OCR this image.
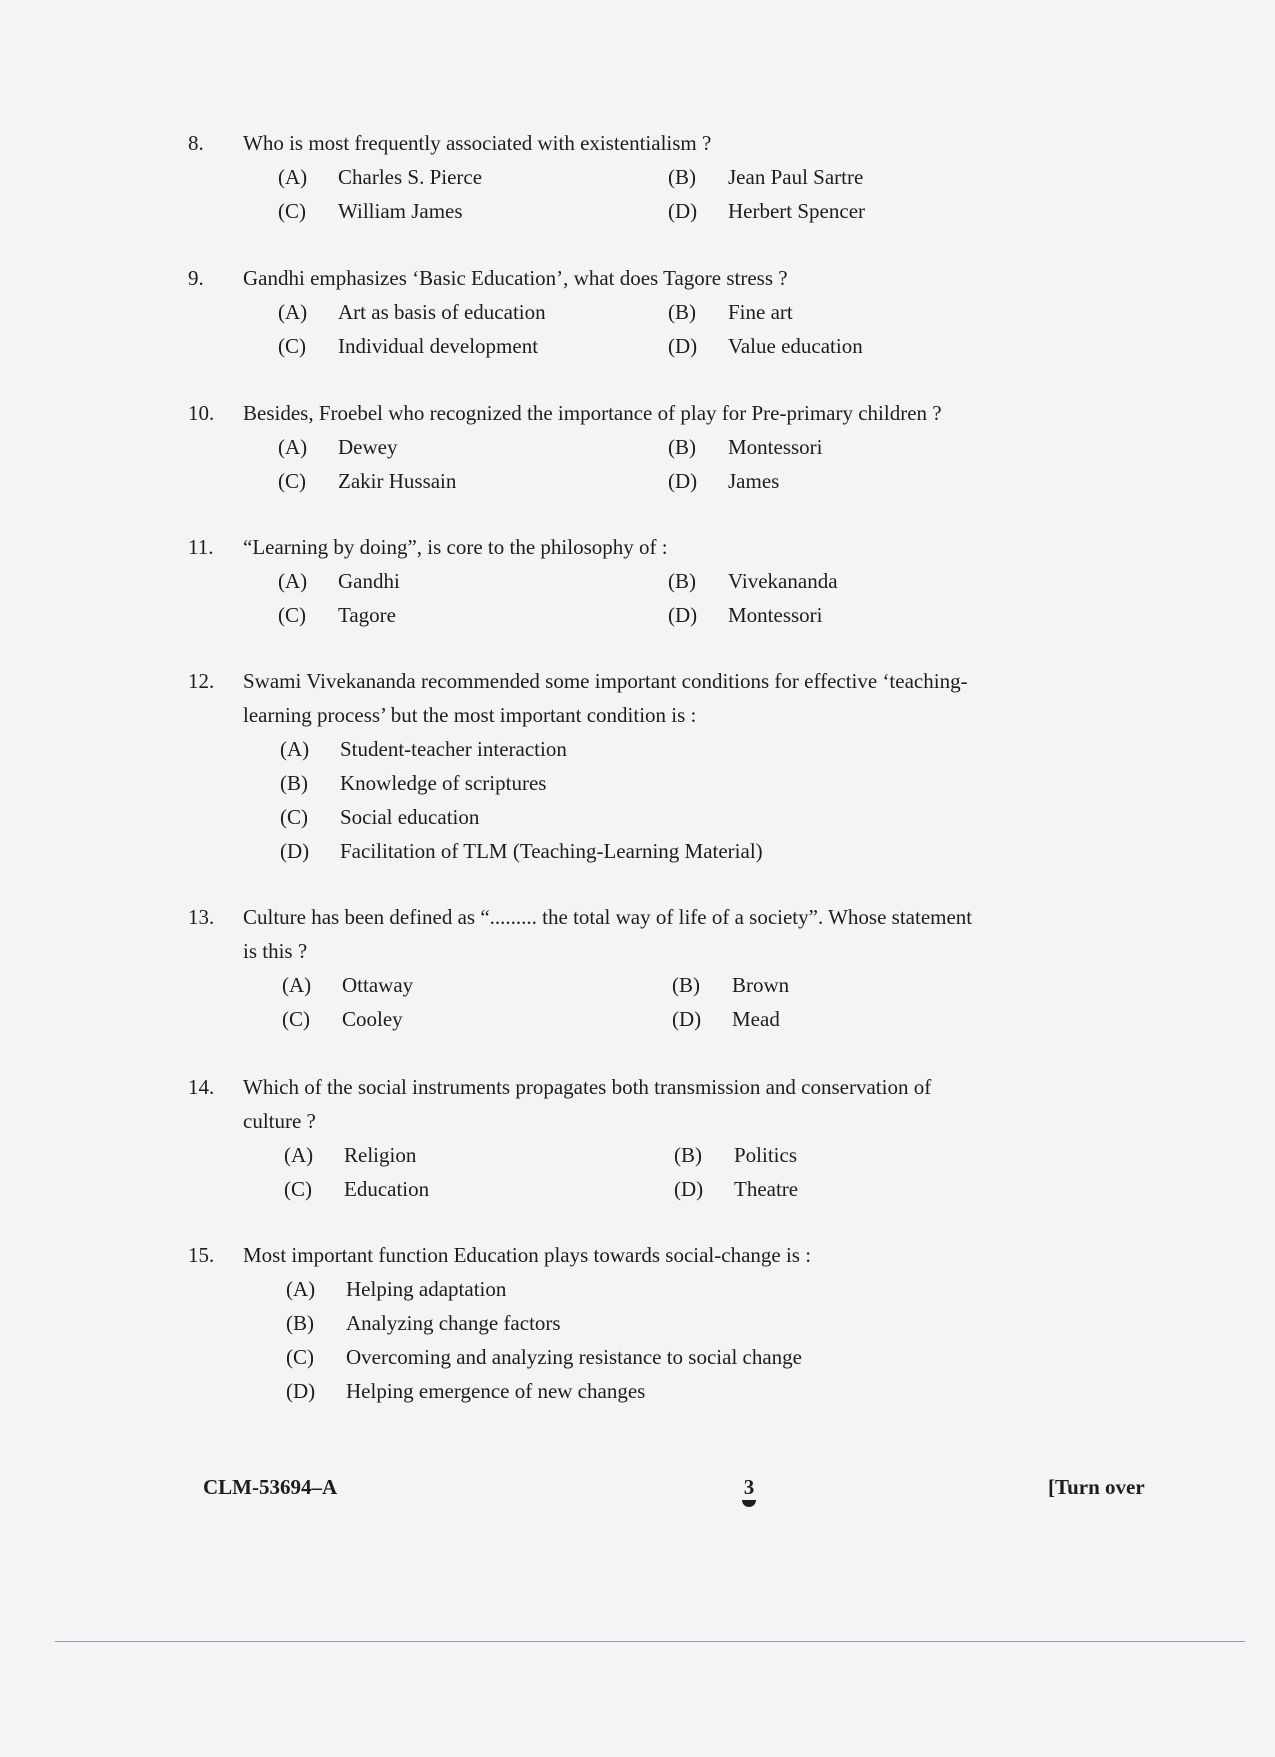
8.	Who is most frequently associated with existentialism ?
(A) Charles S. Pierce	(B) Jean Paul Sartre
(C) William James	(D) Herbert Spencer
9.	Gandhi emphasizes ‘Basic Education’, what does Tagore stress ?
(A) Art as basis of education	(B) Fine art
(C) Individual development	(D) Value education
10.	Besides, Froebel who recognized the importance of play for Pre-primary children ?
(A) Dewey	(B) Montessori
(C) Zakir Hussain	(D) James
11.	“Learning by doing”, is core to the philosophy of :
(A) Gandhi	(B) Vivekananda
(C) Tagore	(D) Montessori
12.	Swami Vivekananda recommended some important conditions for effective ‘teaching-
learning process’ but the most important condition is :
(A) Student-teacher interaction
(B) Knowledge of scriptures
(C) Social education
(D) Facilitation of TLM (Teaching-Learning Material)
13.	Culture has been defined as “......... the total way of life of a society”. Whose statement
is this ?
(A) Ottaway	(B) Brown
(C) Cooley	(D) Mead
14.	Which of the social instruments propagates both transmission and conservation of
culture ?
(A) Religion	(B) Politics
(C) Education	(D) Theatre
15.	Most important function Education plays towards social-change is :
(A) Helping adaptation
(B) Analyzing change factors
(C) Overcoming and analyzing resistance to social change
(D) Helping emergence of new changes
CLM-53694–A	3	[Turn over
